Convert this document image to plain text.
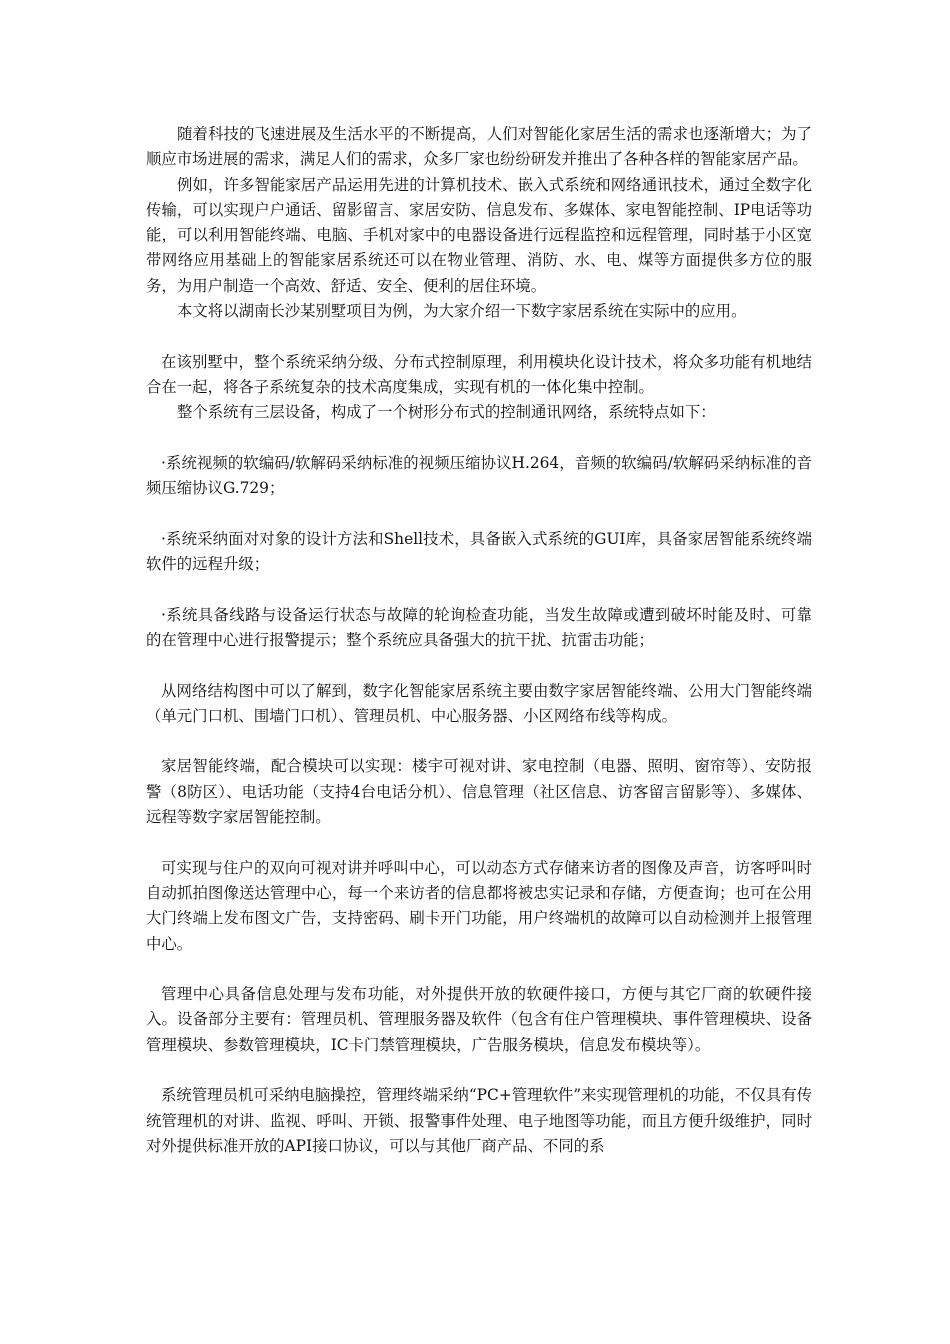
随着科技的飞速进展及生活水平的不断提高，人们对智能化家居生活的需求也逐渐增大；为了顺应市场进展的需求，满足人们的需求，众多厂家也纷纷研发并推出了各种各样的智能家居产品。

例如，许多智能家居产品运用先进的计算机技术、嵌入式系统和网络通讯技术，通过全数字化传输，可以实现户户通话、留影留言、家居安防、信息发布、多媒体、家电智能控制、IP电话等功能，可以利用智能终端、电脑、手机对家中的电器设备进行远程监控和远程管理，同时基于小区宽带网络应用基础上的智能家居系统还可以在物业管理、消防、水、电、煤等方面提供多方位的服务，为用户制造一个高效、舒适、安全、便利的居住环境。

本文将以湖南长沙某别墅项目为例，为大家介绍一下数字家居系统在实际中的应用。

在该别墅中，整个系统采纳分级、分布式控制原理，利用模块化设计技术，将众多功能有机地结合在一起，将各子系统复杂的技术高度集成，实现有机的一体化集中控制。

整个系统有三层设备，构成了一个树形分布式的控制通讯网络，系统特点如下：

·系统视频的软编码/软解码采纳标准的视频压缩协议H.264，音频的软编码/软解码采纳标准的音频压缩协议G.729；

·系统采纳面对对象的设计方法和Shell技术，具备嵌入式系统的GUI库，具备家居智能系统终端软件的远程升级；

·系统具备线路与设备运行状态与故障的轮询检查功能，当发生故障或遭到破坏时能及时、可靠的在管理中心进行报警提示；整个系统应具备强大的抗干扰、抗雷击功能；

从网络结构图中可以了解到，数字化智能家居系统主要由数字家居智能终端、公用大门智能终端（单元门口机、围墙门口机）、管理员机、中心服务器、小区网络布线等构成。

家居智能终端，配合模块可以实现：楼宇可视对讲、家电控制（电器、照明、窗帘等）、安防报警（8防区）、电话功能（支持4台电话分机）、信息管理（社区信息、访客留言留影等）、多媒体、远程等数字家居智能控制。

可实现与住户的双向可视对讲并呼叫中心，可以动态方式存储来访者的图像及声音，访客呼叫时自动抓拍图像送达管理中心，每一个来访者的信息都将被忠实记录和存储，方便查询；也可在公用大门终端上发布图文广告，支持密码、刷卡开门功能，用户终端机的故障可以自动检测并上报管理中心。

管理中心具备信息处理与发布功能，对外提供开放的软硬件接口，方便与其它厂商的软硬件接入。设备部分主要有：管理员机、管理服务器及软件（包含有住户管理模块、事件管理模块、设备管理模块、参数管理模块，IC卡门禁管理模块，广告服务模块，信息发布模块等）。

系统管理员机可采纳电脑操控，管理终端采纳“PC+管理软件”来实现管理机的功能，不仅具有传统管理机的对讲、监视、呼叫、开锁、报警事件处理、电子地图等功能，而且方便升级维护，同时对外提供标准开放的API接口协议，可以与其他厂商产品、不同的系
